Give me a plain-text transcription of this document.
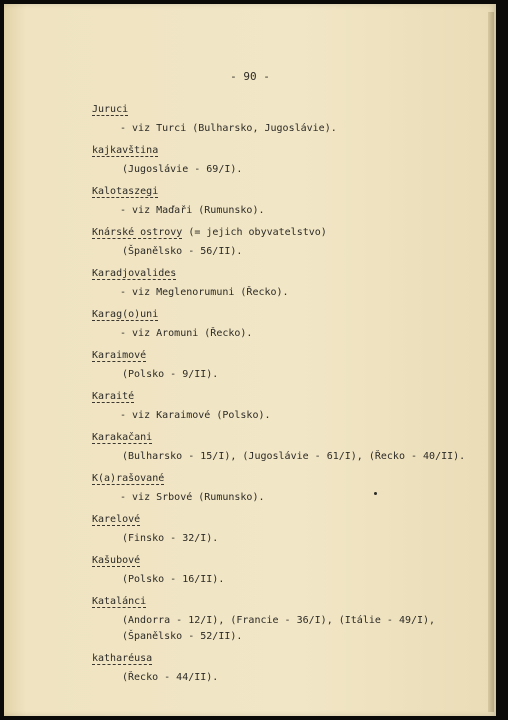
- 90 -
Juruci
- viz Turci (Bulharsko, Jugoslávie).
kajkavština
(Jugoslávie - 69/I).
Kalotaszegi
- viz Maďaři (Rumunsko).
Knárské ostrovy (= jejich obyvatelstvo)
(Španělsko - 56/II).
Karadjovalides
- viz Meglenorumuni (Řecko).
Karag(o)uni
- viz Aromuni (Řecko).
Karaimové
(Polsko - 9/II).
Karaité
- viz Karaimové (Polsko).
Karakačani
(Bulharsko - 15/I), (Jugoslávie - 61/I), (Řecko - 40/II).
K(a)rašované
- viz Srbové (Rumunsko).
Karelové
(Finsko - 32/I).
Kašubové
(Polsko - 16/II).
Katalánci
(Andorra - 12/I), (Francie - 36/I), (Itálie - 49/I),
(Španělsko - 52/II).
katharéusa
(Řecko - 44/II).
